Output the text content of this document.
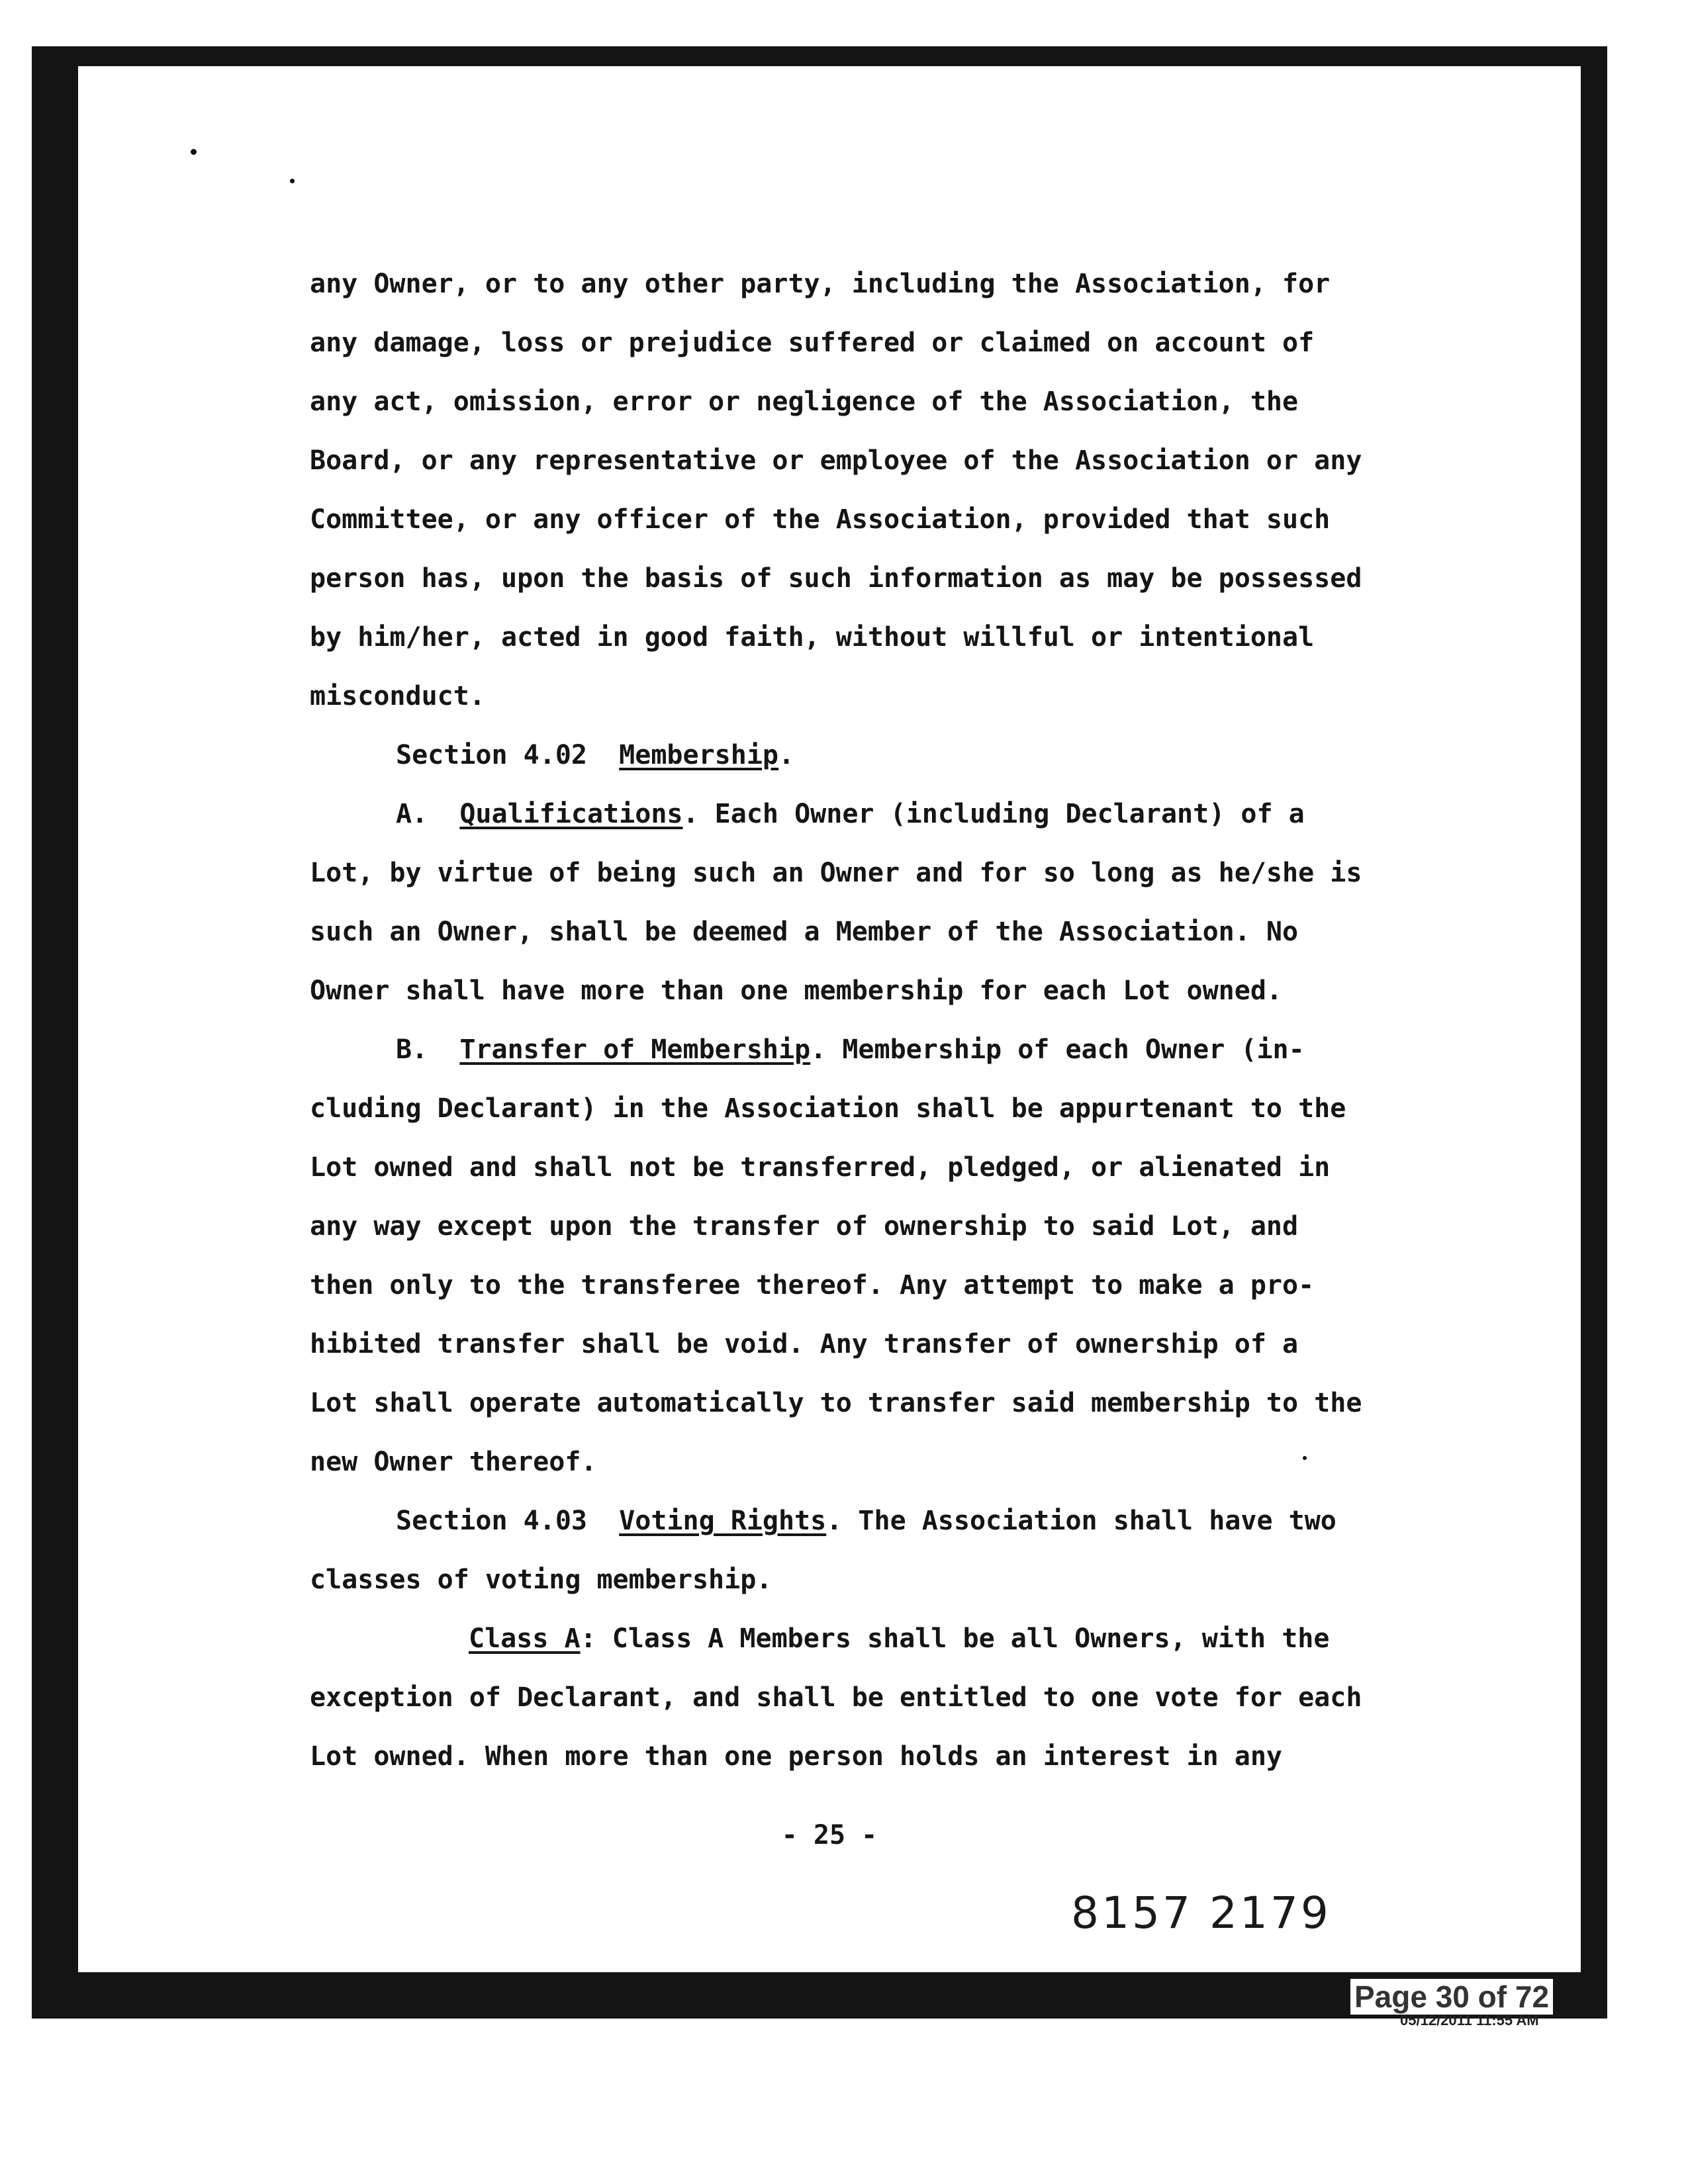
any Owner, or to any other party, including the Association, for
any damage, loss or prejudice suffered or claimed on account of
any act, omission, error or negligence of the Association, the
Board, or any representative or employee of the Association or any
Committee, or any officer of the Association, provided that such
person has, upon the basis of such information as may be possessed
by him/her, acted in good faith, without willful or intentional
misconduct.
Section 4.02 Membership.
A. Qualifications. Each Owner (including Declarant) of a
Lot, by virtue of being such an Owner and for so long as he/she is
such an Owner, shall be deemed a Member of the Association. No
Owner shall have more than one membership for each Lot owned.
B. Transfer of Membership. Membership of each Owner (in-
cluding Declarant) in the Association shall be appurtenant to the
Lot owned and shall not be transferred, pledged, or alienated in
any way except upon the transfer of ownership to said Lot, and
then only to the transferee thereof. Any attempt to make a pro-
hibited transfer shall be void. Any transfer of ownership of a
Lot shall operate automatically to transfer said membership to the
new Owner thereof.
Section 4.03 Voting Rights. The Association shall have two
classes of voting membership.
Class A: Class A Members shall be all Owners, with the
exception of Declarant, and shall be entitled to one vote for each
Lot owned. When more than one person holds an interest in any
- 25 -
8157 2179
Page 30 of 72
05/12/2011 11:55 AM
